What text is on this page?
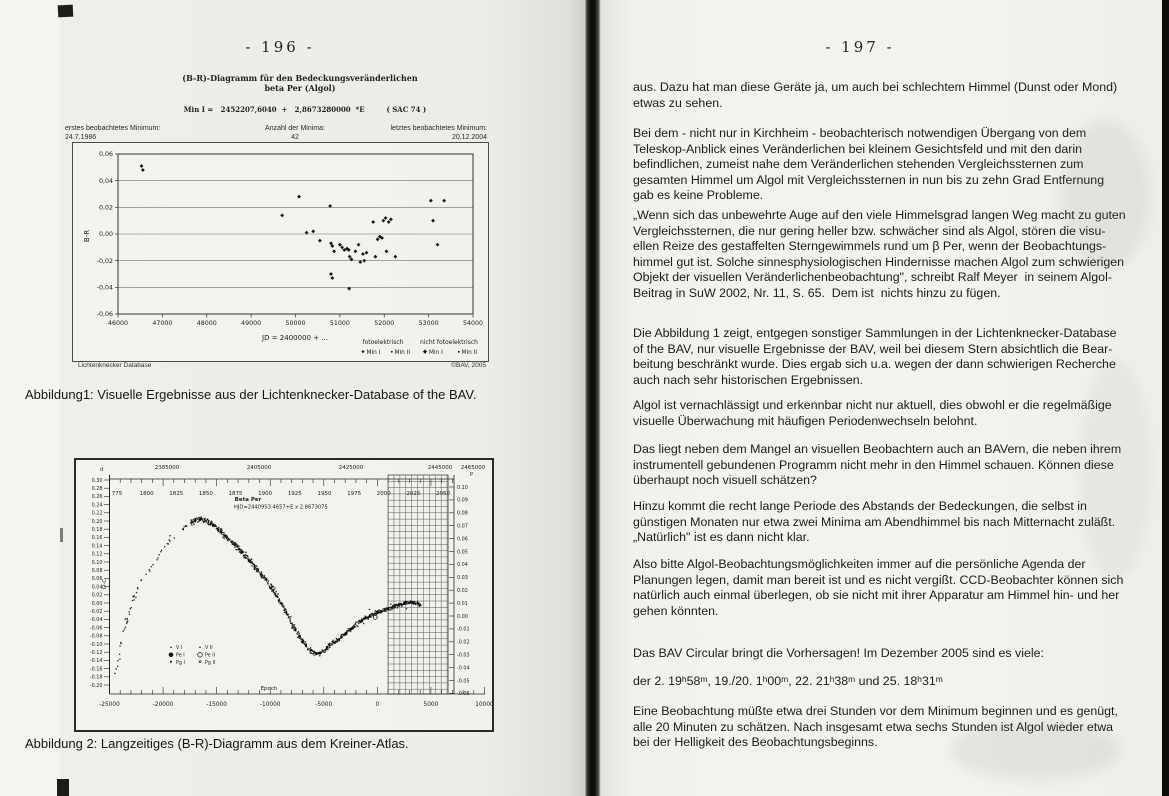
- 196 -
(B-R)-Diagramm für den Bedeckungsveränderlichen
beta Per (Algol)
Min I =   2452207,6040  +   2,8673280000  *E         ( SAC 74 )
erstes beobachtetes Minimum:
24.7.1986
Anzahl der Minima:
42
letztes beobachtetes Minimum:
20.12.2004
0,06
0,04
0,02
0,00
-0,02
-0,04
-0,06
46000	47000	48000	49000	50000	51000	52000	53000	54000
B-R
JD = 2400000 + ...
fotoelektrisch	nicht fotoelektrisch
Min I Min II	Min I	Min II
Lichtenknecker Database	©BAV, 2005
Abbildung1: Visuelle Ergebnisse aus der Lichtenknecker-Database of the BAV.
2385000	2405000	2425000	2445000 2465000
775	1800	1825	1850	1875	1900	1925	1950	1975	2000	2025	2050
0.30
0.28
0.26
0.24
0.22
0.20
0.18
0.16
0.14
0.12
0.10
0.08
0.06
0.04
0.02
0.00
-0.02
-0.04
-0.06
-0.08
-0.10
-0.12
-0.14
-0.16
-0.18
-0.20
d
O-C
0.10
0.09
0.08
0.07
0.06
0.05
0.04
0.03
0.02
0.01
0.00
-0.01
-0.02
-0.03
-0.04
-0.05
-0.06
P
-25000	-20000	-15000	-10000	-5000	0	5000	10000
Epoch
Beta Per
HJD=2440953.4657+E x 2.8673075
V I	V II
Pe I	Pe II
Pg I	Pg II
Abbildung 2: Langzeitiges (B-R)-Diagramm aus dem Kreiner-Atlas.
- 197 -
aus. Dazu hat man diese Geräte ja, um auch bei schlechtem Himmel (Dunst oder Mond)
etwas zu sehen.
Bei dem - nicht nur in Kirchheim - beobachterisch notwendigen Übergang von dem
Teleskop-Anblick eines Veränderlichen bei kleinem Gesichtsfeld und mit den darin
befindlichen, zumeist nahe dem Veränderlichen stehenden Vergleichssternen zum
gesamten Himmel um Algol mit Vergleichssternen in nun bis zu zehn Grad Entfernung
gab es keine Probleme.
„Wenn sich das unbewehrte Auge auf den viele Himmelsgrad langen Weg macht zu guten
Vergleichssternen, die nur gering heller bzw. schwächer sind als Algol, stören die visu-
ellen Reize des gestaffelten Sterngewimmels rund um β Per, wenn der Beobachtungs-
himmel gut ist. Solche sinnesphysiologischen Hindernisse machen Algol zum schwierigen
Objekt der visuellen Veränderlichenbeobachtung", schreibt Ralf Meyer  in seinem Algol-
Beitrag in SuW 2002, Nr. 11, S. 65.  Dem ist  nichts hinzu zu fügen.
Die Abbildung 1 zeigt, entgegen sonstiger Sammlungen in der Lichtenknecker-Database
of the BAV, nur visuelle Ergebnisse der BAV, weil bei diesem Stern absichtlich die Bear-
beitung beschränkt wurde. Dies ergab sich u.a. wegen der dann schwierigen Recherche
auch nach sehr historischen Ergebnissen.
Algol ist vernachlässigt und erkennbar nicht nur aktuell, dies obwohl er die regelmäßige
visuelle Überwachung mit häufigen Periodenwechseln belohnt.
Das liegt neben dem Mangel an visuellen Beobachtern auch an BAVern, die neben ihrem
instrumentell gebundenen Programm nicht mehr in den Himmel schauen. Können diese
überhaupt noch visuell schätzen?
Hinzu kommt die recht lange Periode des Abstands der Bedeckungen, die selbst in
günstigen Monaten nur etwa zwei Minima am Abendhimmel bis nach Mitternacht zuläßt.
„Natürlich" ist es dann nicht klar.
Also bitte Algol-Beobachtungsmöglichkeiten immer auf die persönliche Agenda der
Planungen legen, damit man bereit ist und es nicht vergißt. CCD-Beobachter können sich
natürlich auch einmal überlegen, ob sie nicht mit ihrer Apparatur am Himmel hin- und her
gehen könnten.
Das BAV Circular bringt die Vorhersagen! Im Dezember 2005 sind es viele:
der 2. 19ʰ58ᵐ, 19./20. 1ʰ00ᵐ, 22. 21ʰ38ᵐ und 25. 18ʰ31ᵐ
Eine Beobachtung müßte etwa drei Stunden vor dem Minimum beginnen und es genügt,
alle 20 Minuten zu schätzen. Nach insgesamt etwa sechs Stunden ist Algol wieder etwa
bei der Helligkeit des Beobachtungsbeginns.
